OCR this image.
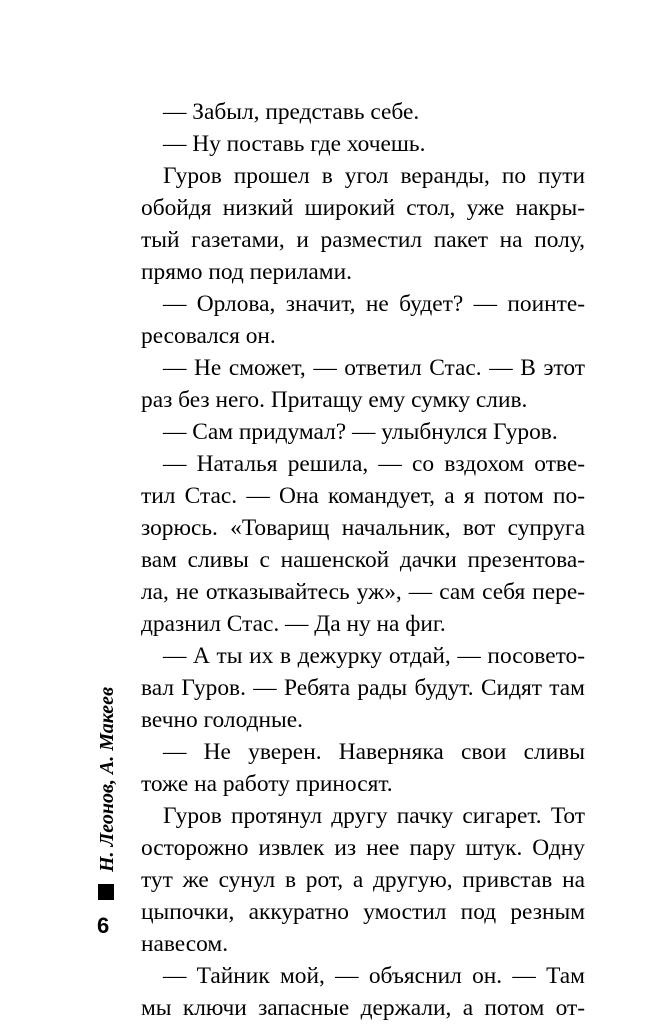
— Забыл, представь себе.
— Ну поставь где хочешь.
Гуров прошел в угол веранды, по пути
обойдя низкий широкий стол, уже накры-
тый газетами, и разместил пакет на полу,
прямо под перилами.
— Орлова, значит, не будет? — поинте-
ресовался он.
— Не сможет, — ответил Стас. — В этот
раз без него. Притащу ему сумку слив.
— Сам придумал? — улыбнулся Гуров.
— Наталья решила, — со вздохом отве-
тил Стас. — Она командует, а я потом по-
зорюсь. «Товарищ начальник, вот супруга
вам сливы с нашенской дачки презентова-
ла, не отказывайтесь уж», — сам себя пере-
дразнил Стас. — Да ну на фиг.
— А ты их в дежурку отдай, — посовето-
вал Гуров. — Ребята рады будут. Сидят там
вечно голодные.
— Не уверен. Наверняка свои сливы
тоже на работу приносят.
Гуров протянул другу пачку сигарет. Тот
осторожно извлек из нее пару штук. Одну
тут же сунул в рот, а другую, привстав на
цыпочки, аккуратно умостил под резным
навесом.
— Тайник мой, — объяснил он. — Там
мы ключи запасные держали, а потом от-
Н. Леонов, А. Макеев
6
